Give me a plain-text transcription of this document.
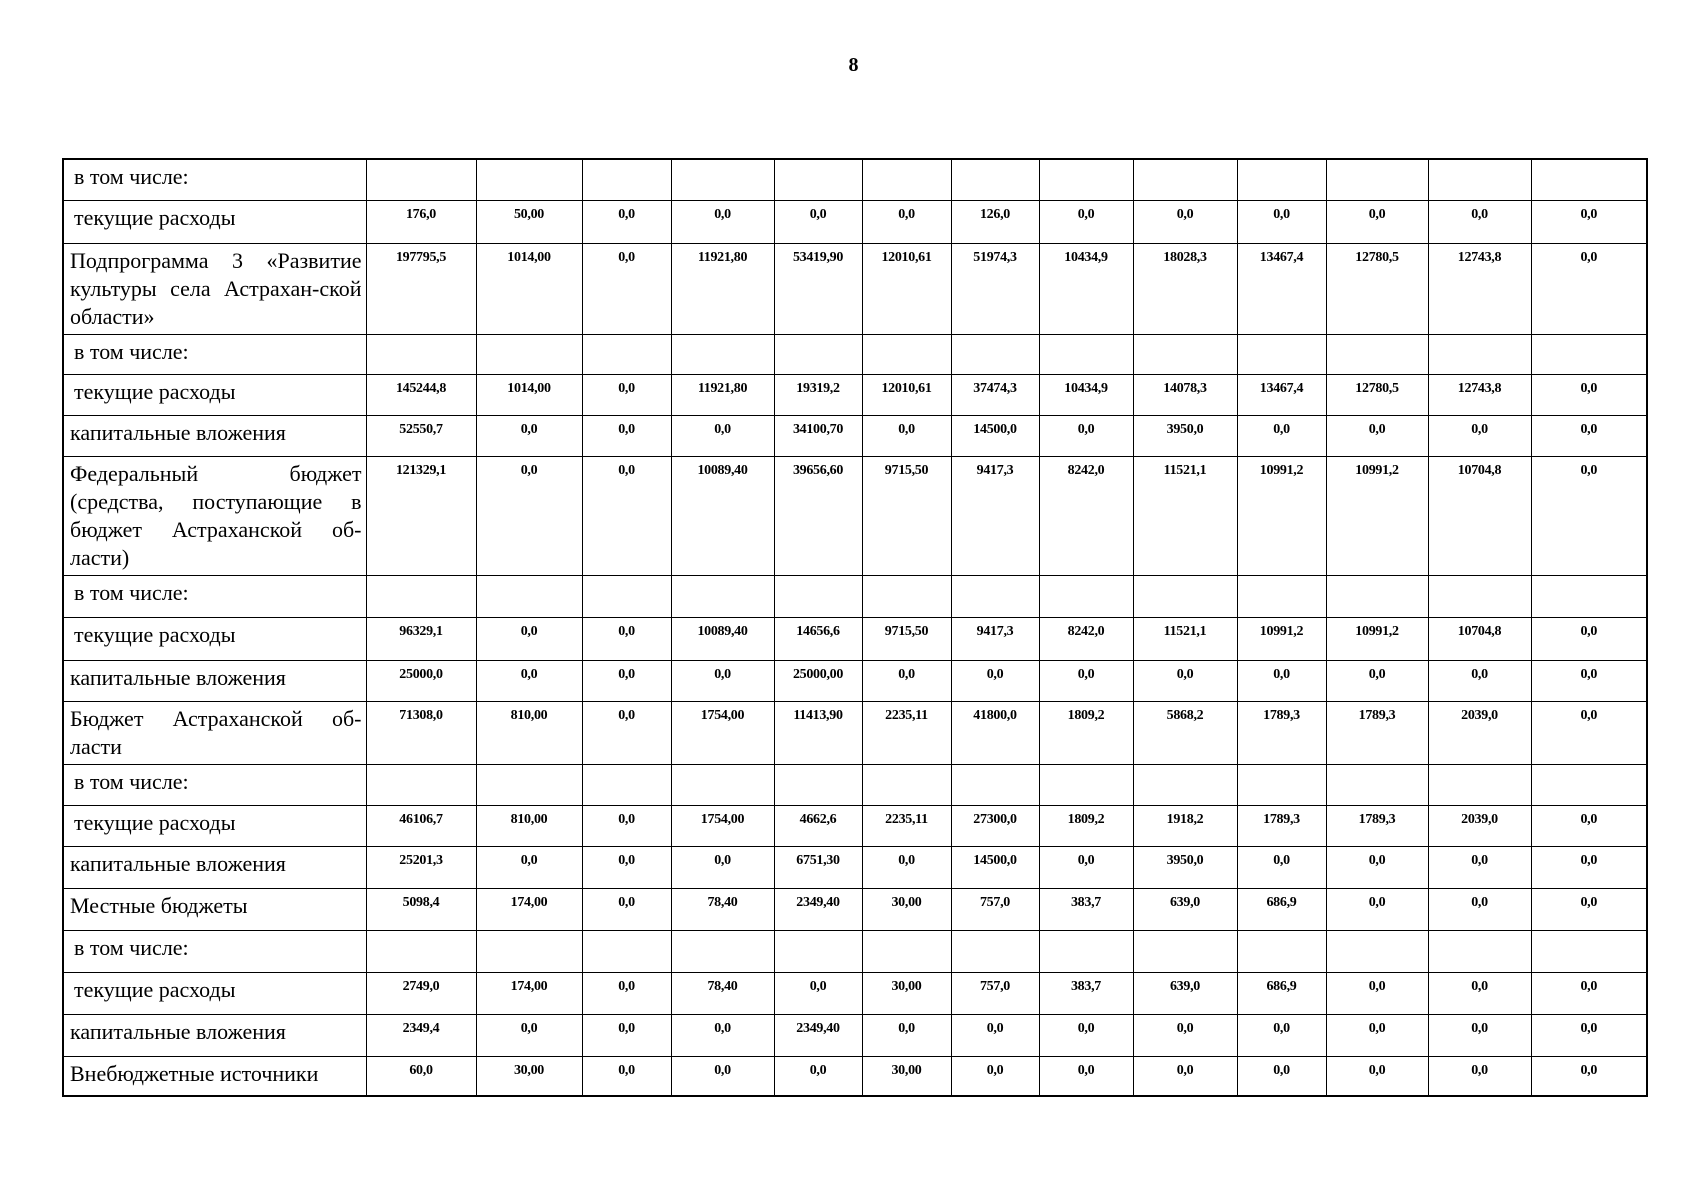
8
в том числе:													
текущие расходы	176,0	50,00	0,0	0,0	0,0	0,0	126,0	0,0	0,0	0,0	0,0	0,0	0,0
Подпрограмма 3 «Развитие культуры села Астрахан-ской области»	197795,5	1014,00	0,0	11921,80	53419,90	12010,61	51974,3	10434,9	18028,3	13467,4	12780,5	12743,8	0,0
в том числе:													
текущие расходы	145244,8	1014,00	0,0	11921,80	19319,2	12010,61	37474,3	10434,9	14078,3	13467,4	12780,5	12743,8	0,0
капитальные вложения	52550,7	0,0	0,0	0,0	34100,70	0,0	14500,0	0,0	3950,0	0,0	0,0	0,0	0,0
Федеральный бюджет (средства, поступающие в бюджет Астраханской об-ласти)	121329,1	0,0	0,0	10089,40	39656,60	9715,50	9417,3	8242,0	11521,1	10991,2	10991,2	10704,8	0,0
в том числе:													
текущие расходы	96329,1	0,0	0,0	10089,40	14656,6	9715,50	9417,3	8242,0	11521,1	10991,2	10991,2	10704,8	0,0
капитальные вложения	25000,0	0,0	0,0	0,0	25000,00	0,0	0,0	0,0	0,0	0,0	0,0	0,0	0,0
Бюджет Астраханской об-ласти	71308,0	810,00	0,0	1754,00	11413,90	2235,11	41800,0	1809,2	5868,2	1789,3	1789,3	2039,0	0,0
в том числе:													
текущие расходы	46106,7	810,00	0,0	1754,00	4662,6	2235,11	27300,0	1809,2	1918,2	1789,3	1789,3	2039,0	0,0
капитальные вложения	25201,3	0,0	0,0	0,0	6751,30	0,0	14500,0	0,0	3950,0	0,0	0,0	0,0	0,0
Местные бюджеты	5098,4	174,00	0,0	78,40	2349,40	30,00	757,0	383,7	639,0	686,9	0,0	0,0	0,0
в том числе:													
текущие расходы	2749,0	174,00	0,0	78,40	0,0	30,00	757,0	383,7	639,0	686,9	0,0	0,0	0,0
капитальные вложения	2349,4	0,0	0,0	0,0	2349,40	0,0	0,0	0,0	0,0	0,0	0,0	0,0	0,0
Внебюджетные источники	60,0	30,00	0,0	0,0	0,0	30,00	0,0	0,0	0,0	0,0	0,0	0,0	0,0
